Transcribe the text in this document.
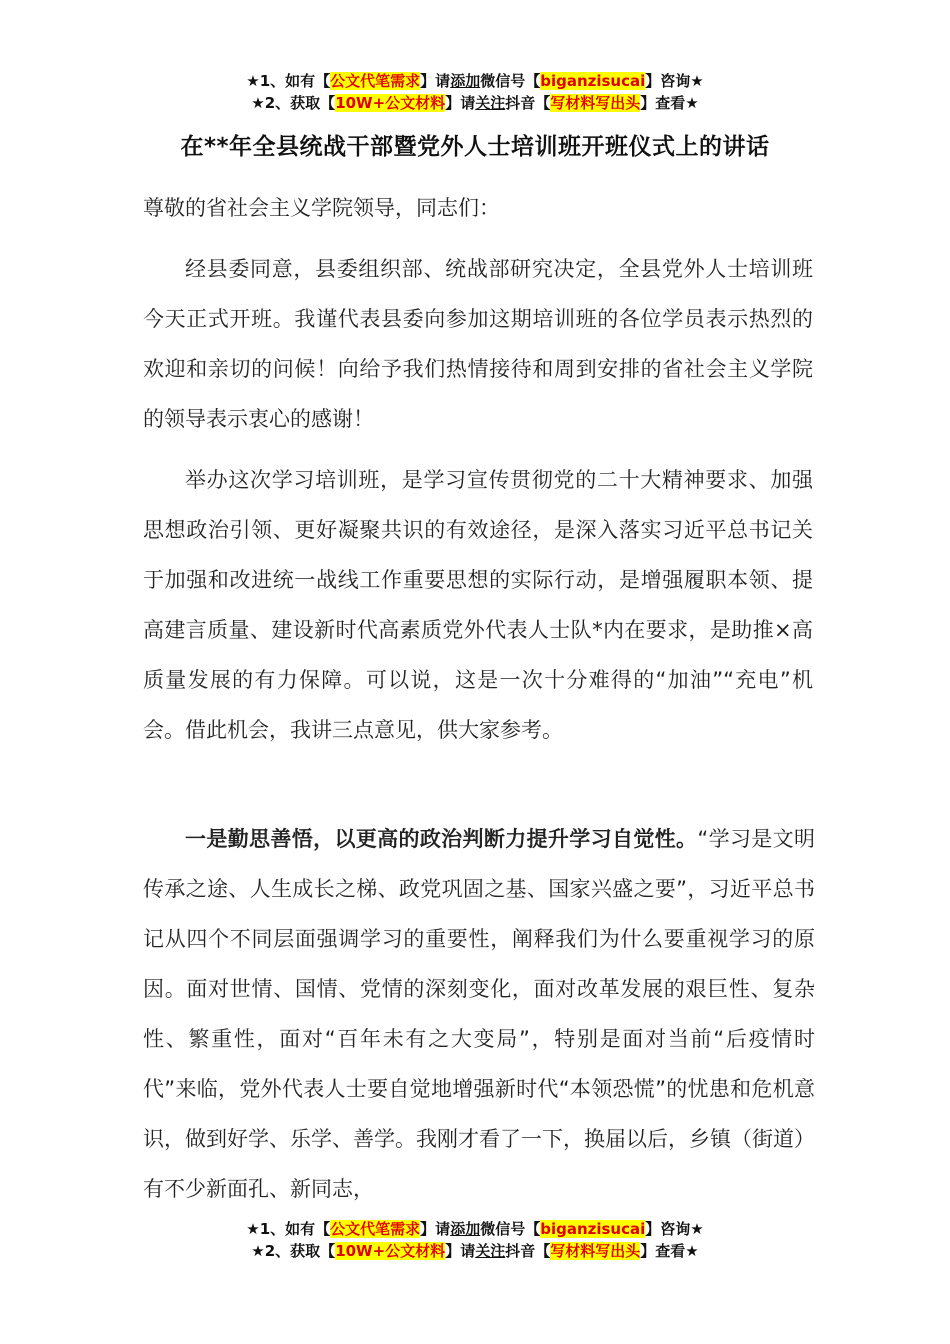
★1、如有【公文代笔需求】请添加微信号【biganzisucai】咨询★
★2、获取【10W+公文材料】请关注抖音【写材料写出头】查看★
在**年全县统战干部暨党外人士培训班开班仪式上的讲话

尊敬的省社会主义学院领导，同志们：

经县委同意，县委组织部、统战部研究决定，全县党外人士培训班今天正式开班。我谨代表县委向参加这期培训班的各位学员表示热烈的欢迎和亲切的问候！向给予我们热情接待和周到安排的省社会主义学院的领导表示衷心的感谢！

举办这次学习培训班，是学习宣传贯彻党的二十大精神要求、加强思想政治引领、更好凝聚共识的有效途径，是深入落实习近平总书记关于加强和改进统一战线工作重要思想的实际行动，是增强履职本领、提高建言质量、建设新时代高素质党外代表人士队*内在要求，是助推×高质量发展的有力保障。可以说，这是一次十分难得的“加油”“充电”机会。借此机会，我讲三点意见，供大家参考。

一是勤思善悟，以更高的政治判断力提升学习自觉性。“学习是文明传承之途、人生成长之梯、政党巩固之基、国家兴盛之要”，习近平总书记从四个不同层面强调学习的重要性，阐释我们为什么要重视学习的原因。面对世情、国情、党情的深刻变化，面对改革发展的艰巨性、复杂性、繁重性，面对“百年未有之大变局”，特别是面对当前“后疫情时代”来临，党外代表人士要自觉地增强新时代“本领恐慌”的忧患和危机意识，做到好学、乐学、善学。我刚才看了一下，换届以后，乡镇（街道）有不少新面孔、新同志，

★1、如有【公文代笔需求】请添加微信号【biganzisucai】咨询★
★2、获取【10W+公文材料】请关注抖音【写材料写出头】查看★
